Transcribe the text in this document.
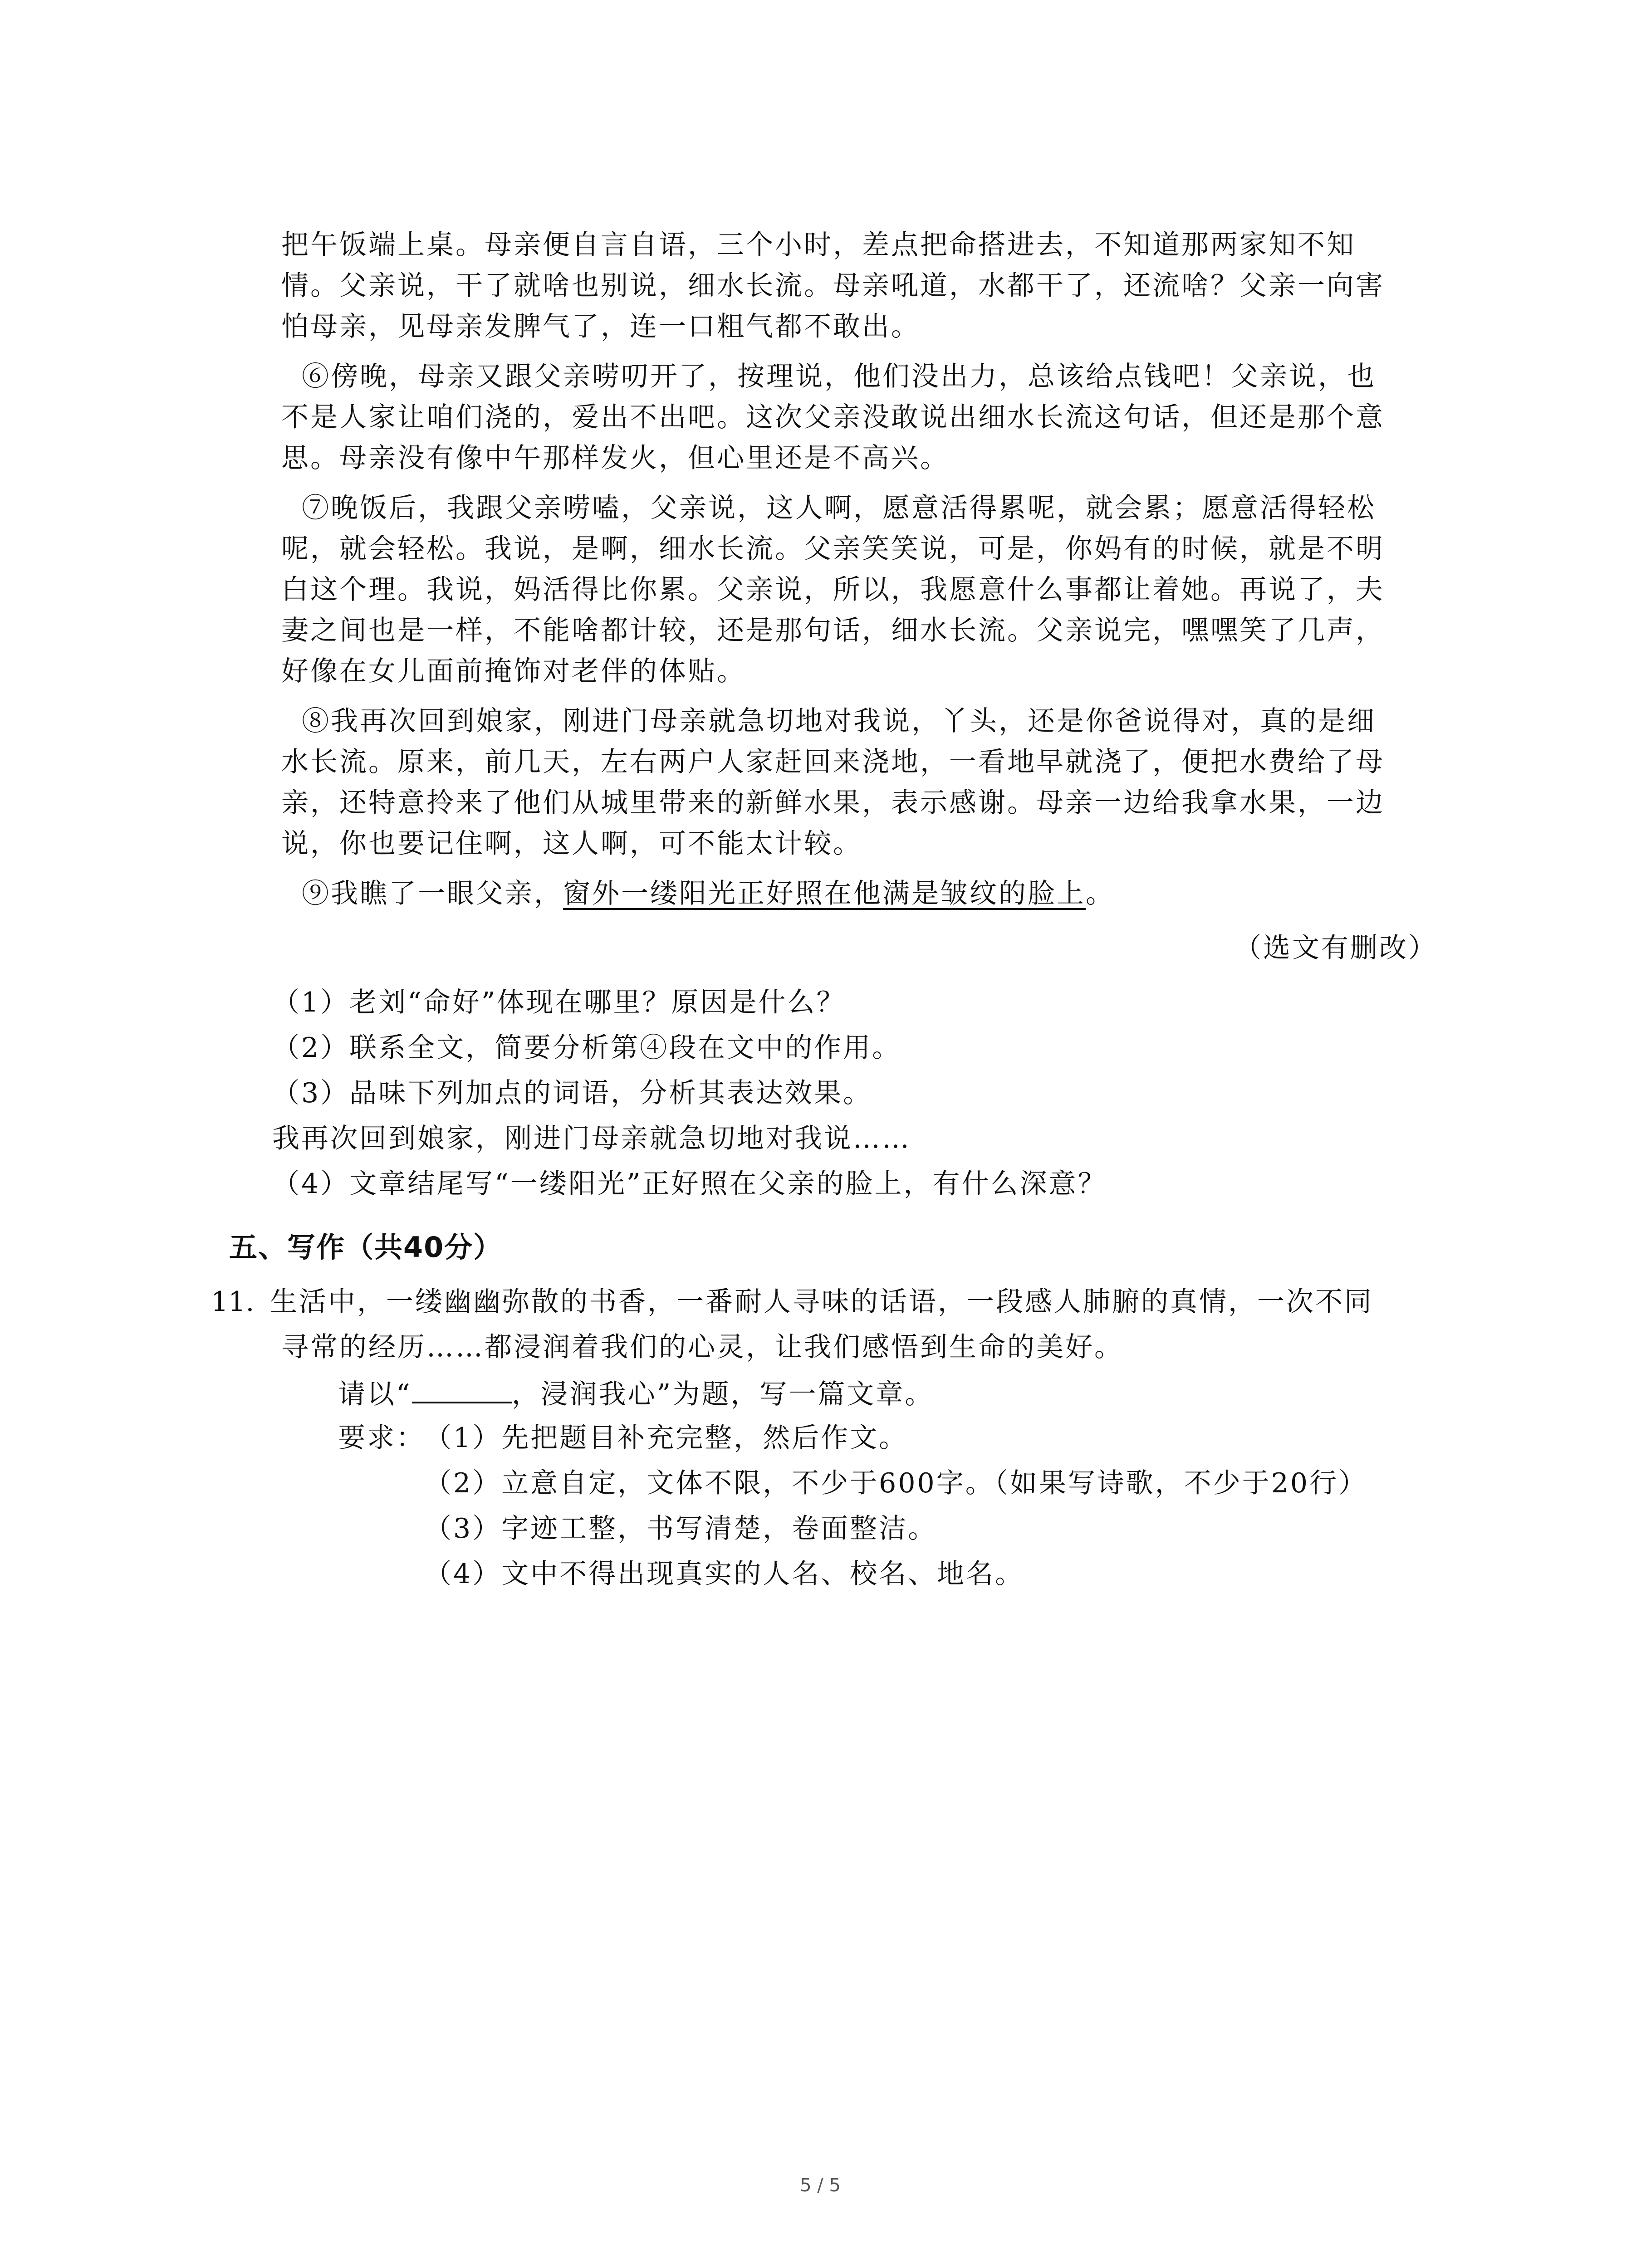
把午饭端上桌。母亲便自言自语，三个小时，差点把命搭进去，不知道那两家知不知
情。父亲说，干了就啥也别说，细水长流。母亲吼道，水都干了，还流啥？父亲一向害
怕母亲，见母亲发脾气了，连一口粗气都不敢出。
⑥傍晚，母亲又跟父亲唠叨开了，按理说，他们没出力，总该给点钱吧！父亲说，也
不是人家让咱们浇的，爱出不出吧。这次父亲没敢说出细水长流这句话，但还是那个意
思。母亲没有像中午那样发火，但心里还是不高兴。
⑦晚饭后，我跟父亲唠嗑，父亲说，这人啊，愿意活得累呢，就会累；愿意活得轻松
呢，就会轻松。我说，是啊，细水长流。父亲笑笑说，可是，你妈有的时候，就是不明
白这个理。我说，妈活得比你累。父亲说，所以，我愿意什么事都让着她。再说了，夫
妻之间也是一样，不能啥都计较，还是那句话，细水长流。父亲说完，嘿嘿笑了几声，
好像在女儿面前掩饰对老伴的体贴。
⑧我再次回到娘家，刚进门母亲就急切地对我说，丫头，还是你爸说得对，真的是细
水长流。原来，前几天，左右两户人家赶回来浇地，一看地早就浇了，便把水费给了母
亲，还特意拎来了他们从城里带来的新鲜水果，表示感谢。母亲一边给我拿水果，一边
说，你也要记住啊，这人啊，可不能太计较。
⑨我瞧了一眼父亲，窗外一缕阳光正好照在他满是皱纹的脸上。
（选文有删改）
（1）老刘“命好”体现在哪里？原因是什么？
（2）联系全文，简要分析第④段在文中的作用。
（3）品味下列加点的词语，分析其表达效果。
我再次回到娘家，刚进门母亲就急切地对我说……
（4）文章结尾写“一缕阳光”正好照在父亲的脸上，有什么深意？
五、写作（共40分）
11. 生活中，一缕幽幽弥散的书香，一番耐人寻味的话语，一段感人肺腑的真情，一次不同
寻常的经历……都浸润着我们的心灵，让我们感悟到生命的美好。
请以“	，浸润我心”为题，写一篇文章。
要求：
（1）先把题目补充完整，然后作文。
（2）立意自定，文体不限，不少于600字。（如果写诗歌，不少于20行）
（3）字迹工整，书写清楚，卷面整洁。
（4）文中不得出现真实的人名、校名、地名。
5 / 5
